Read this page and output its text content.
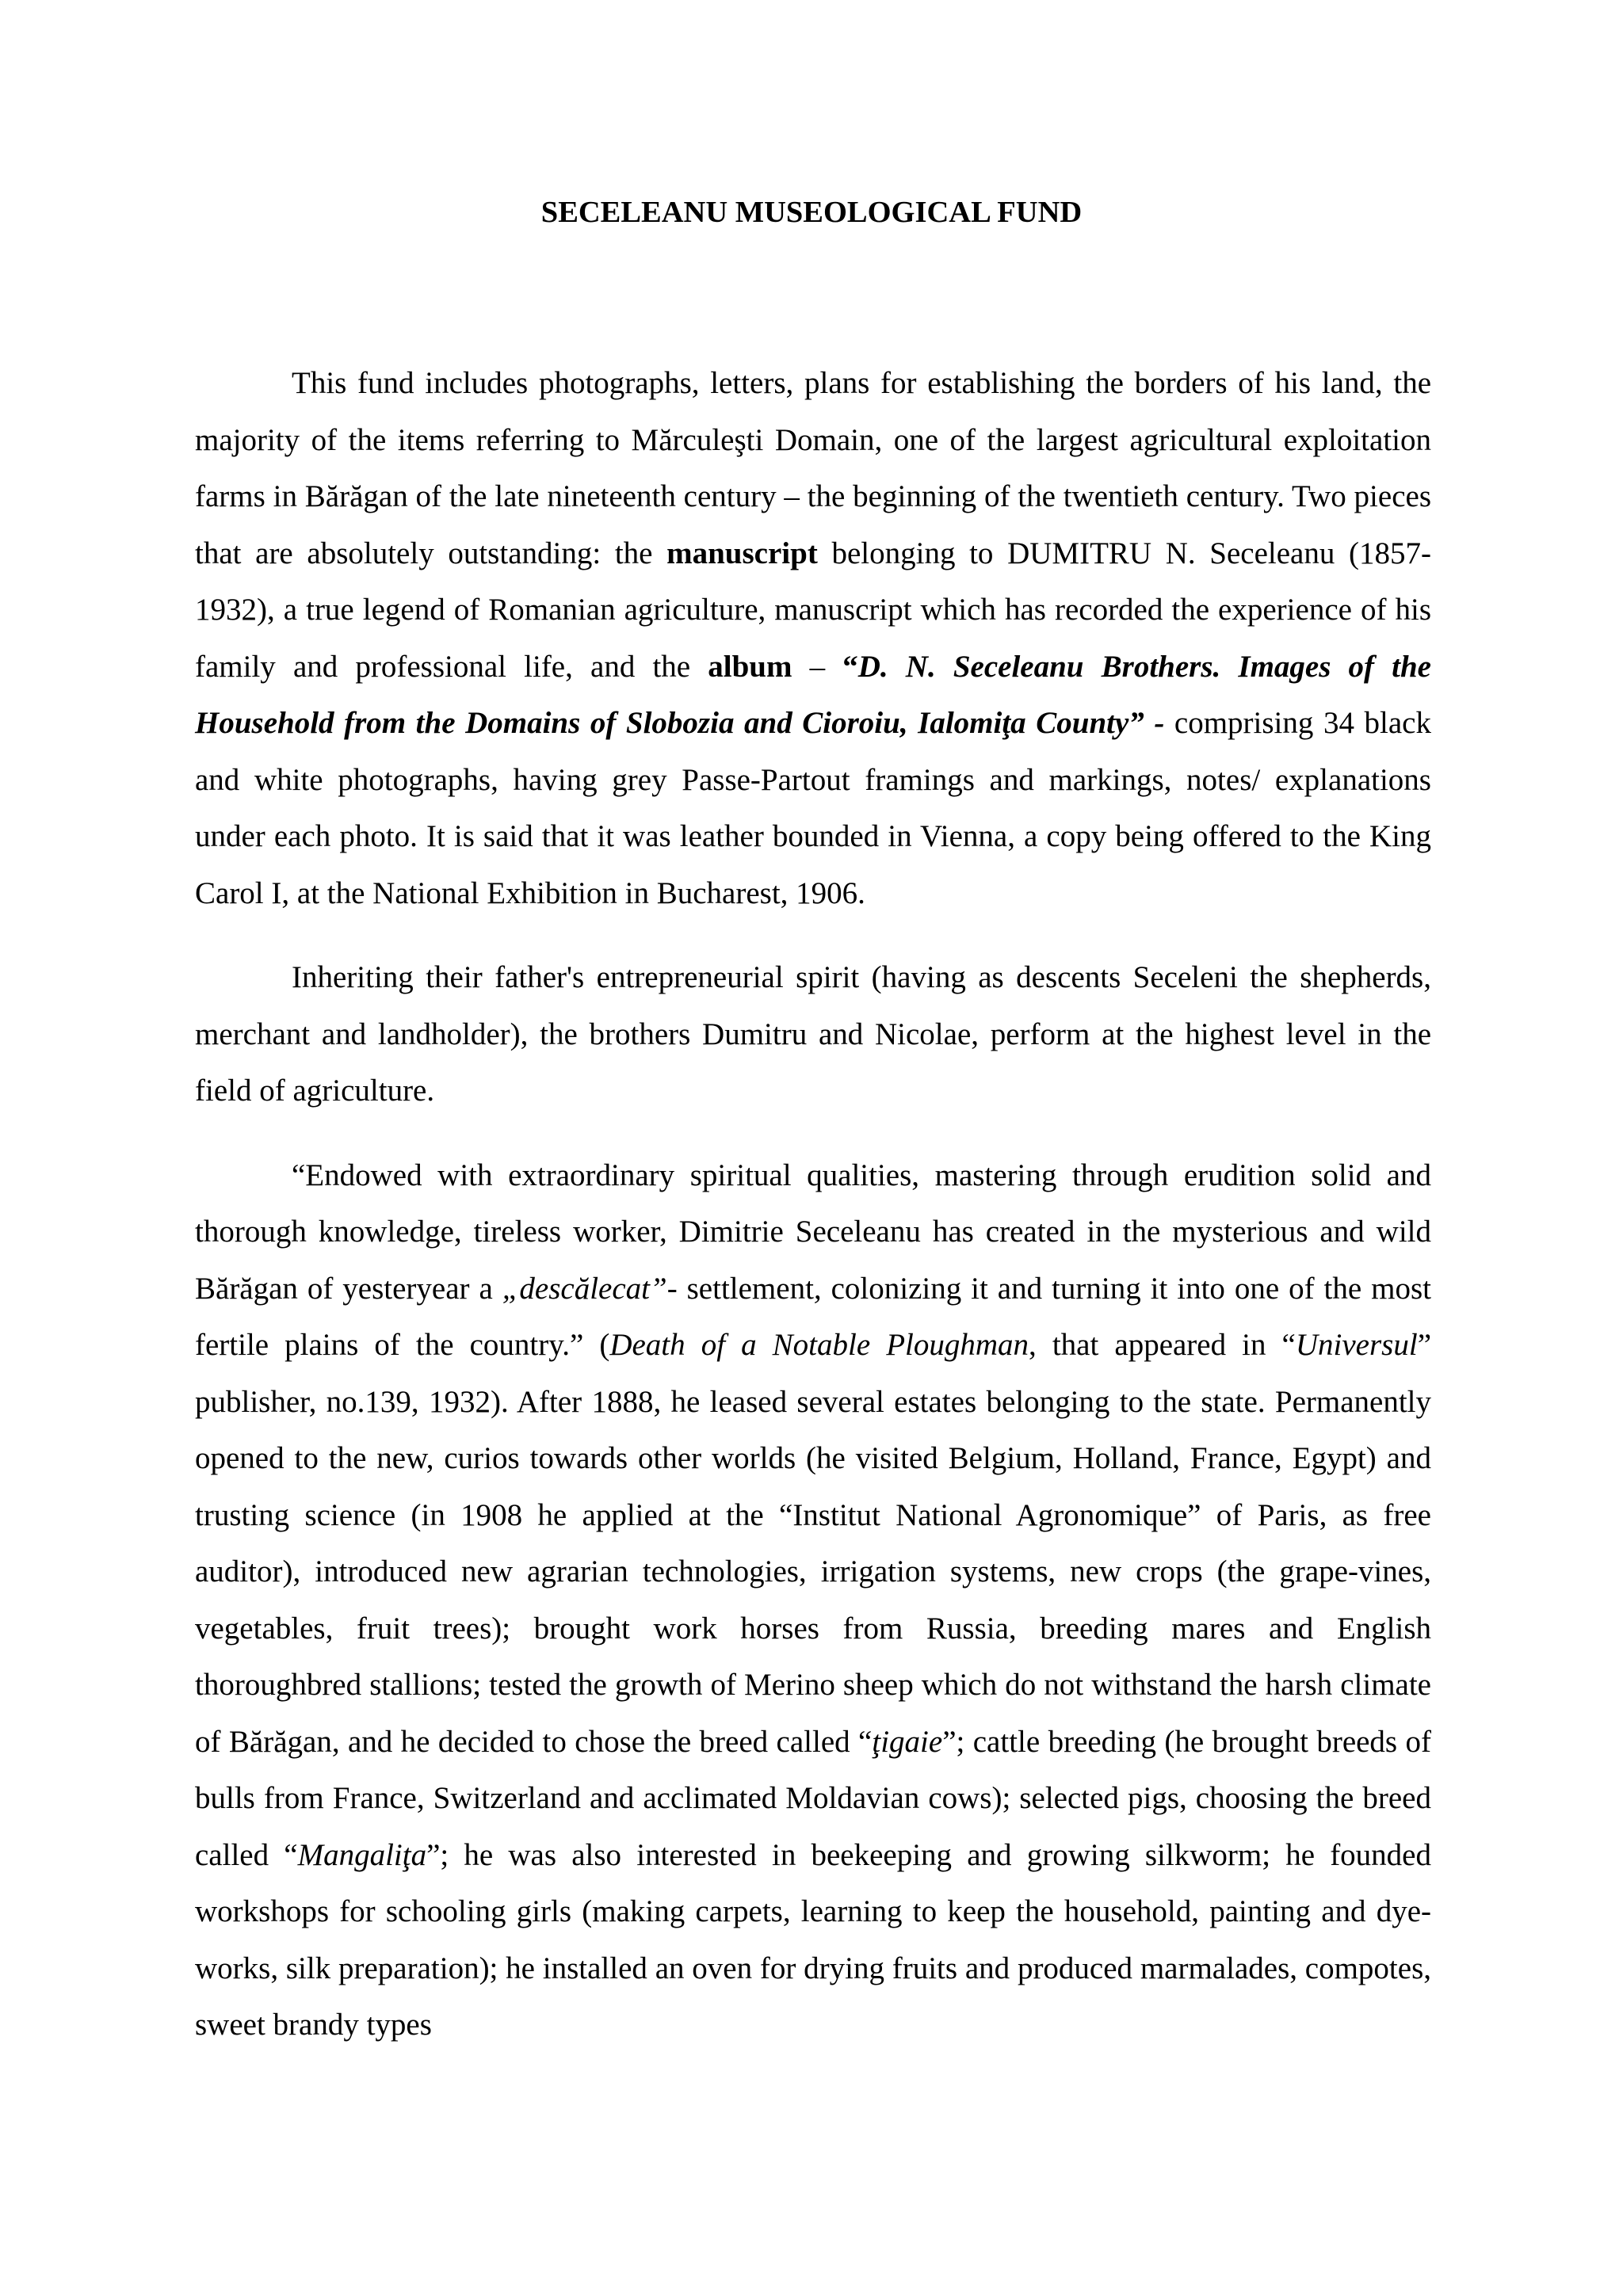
SECELEANU MUSEOLOGICAL FUND

This fund includes photographs, letters, plans for establishing the borders of his land, the majority of the items referring to Mărculeşti Domain, one of the largest agricultural exploitation farms in Bărăgan of the late nineteenth century – the beginning of the twentieth century. Two pieces that are absolutely outstanding: the manuscript belonging to DUMITRU N. Seceleanu (1857-1932), a true legend of Romanian agriculture, manuscript which has recorded the experience of his family and professional life, and the album – “D. N. Seceleanu Brothers. Images of the Household from the Domains of Slobozia and Cioroiu, Ialomiţa County” - comprising 34 black and white photographs, having grey Passe-Partout framings and markings, notes/ explanations under each photo. It is said that it was leather bounded in Vienna, a copy being offered to the King Carol I, at the National Exhibition in Bucharest, 1906.

Inheriting their father's entrepreneurial spirit (having as descents Seceleni the shepherds, merchant and landholder), the brothers Dumitru and Nicolae, perform at the highest level in the field of agriculture.

“Endowed with extraordinary spiritual qualities, mastering through erudition solid and thorough knowledge, tireless worker, Dimitrie Seceleanu has created in the mysterious and wild Bărăgan of yesteryear a „descălecat”- settlement, colonizing it and turning it into one of the most fertile plains of the country.” (Death of a Notable Ploughman, that appeared in “Universul” publisher, no.139, 1932). After 1888, he leased several estates belonging to the state. Permanently opened to the new, curios towards other worlds (he visited Belgium, Holland, France, Egypt) and trusting science (in 1908 he applied at the “Institut National Agronomique” of Paris, as free auditor), introduced new agrarian technologies, irrigation systems, new crops (the grape-vines, vegetables, fruit trees); brought work horses from Russia, breeding mares and English thoroughbred stallions; tested the growth of Merino sheep which do not withstand the harsh climate of Bărăgan, and he decided to chose the breed called “ţigaie”; cattle breeding (he brought breeds of bulls from France, Switzerland and acclimated Moldavian cows); selected pigs, choosing the breed called “Mangaliţa”; he was also interested in beekeeping and growing silkworm; he founded workshops for schooling girls (making carpets, learning to keep the household, painting and dye-works, silk preparation); he installed an oven for drying fruits and produced marmalades, compotes, sweet brandy types
